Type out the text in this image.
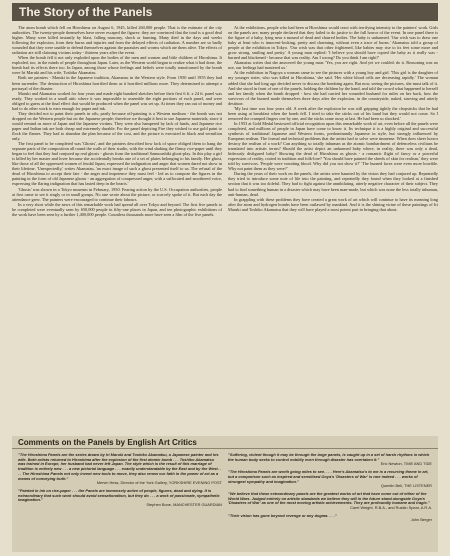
The Story of the Panels

The atom bomb which fell on Hiroshima on August 6, 1945, killed 260,000 people. That is the estimate of the city authorities. The twenty-people themselves have never escaped the figures: they are convinced that the toad is a good deal higher. Many were killed instantly by blast, falling masonry, shock or burning. Many died in the days and weeks following the explosion, from their burns and injuries and from the delayed effects of radiation. A number are so badly wounded that they were unable to defend themselves against the parasites and worms which ate them alive. The effects of radiation are still claiming victims today - thirteen years after the event.

When the bomb fell it not only exploded upon the bodies of the men and women and little children of Hiroshima. It exploded, too, in the minds of people throughout Japan. Later, as the Western world began to realize what it had done, the bomb had its effects there too. In Japan, among those whose feelings and beliefs were totally transformed by the bomb were Iri Maruki and his wife, Toshiko Akamatsu.

Both are painters - Maruki in the Japanese tradition, Akamatsu in the Western style. From 1950 until 1955 they had been surrender. The destruction of Hiroshima horrified them as it horrified millions more. They determined to attempt a portrayal of the disaster.

Maruki and Akamatsu worked for four years and made eight hundred sketches before their first 6 ft. x 24 ft. panel was ready. They worked in a small attic where it was impossible to assemble the eight portions of each panel, and were obliged to guess at the final effect that would be produced when the panel was set up. At times they ran out of money and had to do other work to earn enough for paper and ink.

They decided not to paint their panels in oils, partly because oil-painting is a Western medium - the bomb was not dropped on the Western people but on the Japanese people; therefore we thought it best to use Japanese materials, since it would remind us more of Japan and the Japanese victims. They were also hampered by lack of funds, and Japanese rice paper and Indian ink are both cheap and extremely durable. For the panel depicting Fire they wished to use gold paint to flock the flames. They had to abandon the plan because of the cost, and the picture is executed in black and vermilion only.

The first panel to be completed was 'Ghosts', and the painters described how lack of space obliged them to hang the separate parts of the composition all round the walls of their studio, with the wind shaking the flimsy rice-paper until they began to feel that they had conjured up real ghosts - ghosts from the traditional Samurashiki ghost-play. In this play a girl is killed by her master and lover because she accidentally breaks one of a set of plates belonging to his family. Her ghost, like those of all the oppressed women of feudal Japan, expressed the indignation and anger that women dared not show in their lifetime. 'Unexpectedly,' writes Akamatsu, 'an exact image of such a ghost presented itself to us. The refusal of the dead of Hiroshima to accept their fate - the anger and impotence they must feel - led us to compose the figures in the painting in the form of old Japanese ghosts - an aggregation of compressed anger, with a suffocated and smothered voice, expressing the flaring indignation that has lasted deep in the hearts.'

'Ghosts' was shown in a Tokyo museum in February, 1950. Fearing action by the U.S. Occupation authorities, people at first came to see it singly or in small groups. No one wrote about the picture, or scarcely spoke of it. But each day the attendance grew. The painters were encouraged to continue their labours.

In a very short while the news of this remarkable work had spread all over Tokyo and beyond. The first five panels to be completed were eventually seen by 650,000 people in fifty-one places in Japan, and ten photographic exhibitions of the work have been seen by a further 1,400,000 people. Countless thousands more have seen a film of the five panels.

At the exhibitions, people who had been at Hiroshima would react with terrifying intensity to the painters' work. Girls on the panels are, many people declared that they failed to do justice to the full horror of the event. In one panel there is the figure of a baby, lying near a mound of dead and charred bodies. The baby is unharmed. 'Our wish was to draw one baby at least who is innocent-looking, pretty and charming, without even a trace of burns.' Akamatsu told a group of people at the exhibition in Tokyo. 'Our wish was that other frightened, like babies may rise to its feet some more and grow strong, smiling and pretty.' A young man replied: 'I believe you should have copied the baby as it really was - burned and blackened - because that was reality. Am I wrong? Do you think I am right?'

Akamatsu writes that she answered the young man: 'Yes, you are right. And yet we couldn't do it. Reasoning was no use, our feelings had mastered us.'

At the exhibition in Nagoya a woman came to see the pictures with a young boy and girl. 'This girl is the daughter of my younger sister, who was killed in Hiroshima,' she said. 'Her white blood cells are decreasing rapidly.' The woman added that she had long ago decided never to discuss the bombing again. But now, seeing the pictures, she must talk of it. And she stood in front of one of the panels, holding the children by the hand, and told the crowd what happened to herself and her family when the bomb dropped - how she had carried her wounded husband for miles on her back, how the survivors of the burned made themselves three days after the explosion, in the countryside, naked, starving and utterly destitute.

'My last time was four years old. A week after the explosion he was still gripping tightly the chopsticks that he had been using at breakfast when the bomb fell. I tried to take the sticks out of his hand but they would not come. So I removed the cramped fingers one by one, and the sticks came away at last. He had been so shocked.'

In 1953 at Gold Medal bestowed official recognition upon this remarkable work of art, even before all the panels were completed, and millions of people in Japan have come to know it. Its technique it is a highly original and successful synthesis of traditional Japanese and Western forms, predominantly Japanese in style, but strongly influenced by European realism. The formal and technical problems that the artists had to solve were immense. When does sheer horror destroy the realism of a work? Can anything so totally inhuman as the atomic bombardment of defenceless civilians be translated into artistic terms? Should the artist depict an unharmed baby where, in reality, there was only a dead, hideously disfigured baby? Showing the dead of Hiroshima as ghosts - a romantic flight of fancy or a powerful expression of reality, rooted in tradition and folk-lore? 'You should have painted the shreds of skin for realism,' they were told by survivors. 'People were vomiting blood. Why did you not show it?' 'The burned faces were even more horrible. Why not paint them as they were?'

During the years of their work on the panels, the artists were haunted by the vision they had conjured up. Repeatedly they tried to introduce some note of life into the painting, and repeatedly they found when they looked at a finished section that it was too doleful. They had to fight against the annihilating, utterly negative character of their subject. They had to find something human in a disaster which may have been man-made, but which was none the less totally inhuman, anti-human, dead.

In grappling with these problems they have created a great work of art which will continue to have its meaning long after the atom and hydrogen bombs have been outlawed by mankind. And it is the shining virtue of these paintings of Iri Maruki and Toshiko Akamatsu that they will have played a most potent part in bringing that about.

Comments on the Panels by English Art Critics
"The Hiroshima Panels are the series drawn by Iri Maruki and Toshiko Akamatsu, a Japanese painter and his wife. Both artists returned to Hiroshima after the explosion of the first atomic bomb . . . Toshiko Akamatsu was trained in Europe, her husband had never left Japan. The style which is the result of this marriage of tradition is entirely new . . . a new pictorial language . . . exactly understandable by the East and by the West. . . . The Hiroshima Panels not only invent new tools to move, they also renew our faith in the power of art as a means of conveying truth."
Mervin Hess, Director of the York Gallery, YORKSHIRE EVENING POST
"Painted in ink on rice-paper . . . the Panels are immensely active of people, figures, dead and dying. It is extraordinary that such work should avoid sensationalism, but they do . . . a work of passionate, sympathetic imagination."
Stephen Bone, MANCHESTER GUARDIAN
"Suffering, violent though it may be through the large panels, is caught up in a set of harsh rhythms in which the human body seeks to control nobility even through disaster has overtaken it."
Eric Newton, TIME AND TIDE
"The Hiroshima Panels are worth going miles to see. . . . Here's Akamatsu's to me is a recurring theme in art, but a comparison such as inspired and sensitised Goya's 'Disasters of War' is rare indeed . . . works of strongest sympathy and imagination."
Quentin Bell, THE LISTENER
"We believe that these extraordinary panels are the greatest works of art that have come out of either of the World Wars. Judged entirely on artistic standards we believe they will in the future stand alongside Goya's 'Disasters of War' as one of the most moving artistic achievements. They are profoundly humane and tragic."
Carel Weight, R.B.A., and Ruskin Spear, A.R.A.
"Their vision has gone beyond revenge or any dogma. . . ."
John Berger
